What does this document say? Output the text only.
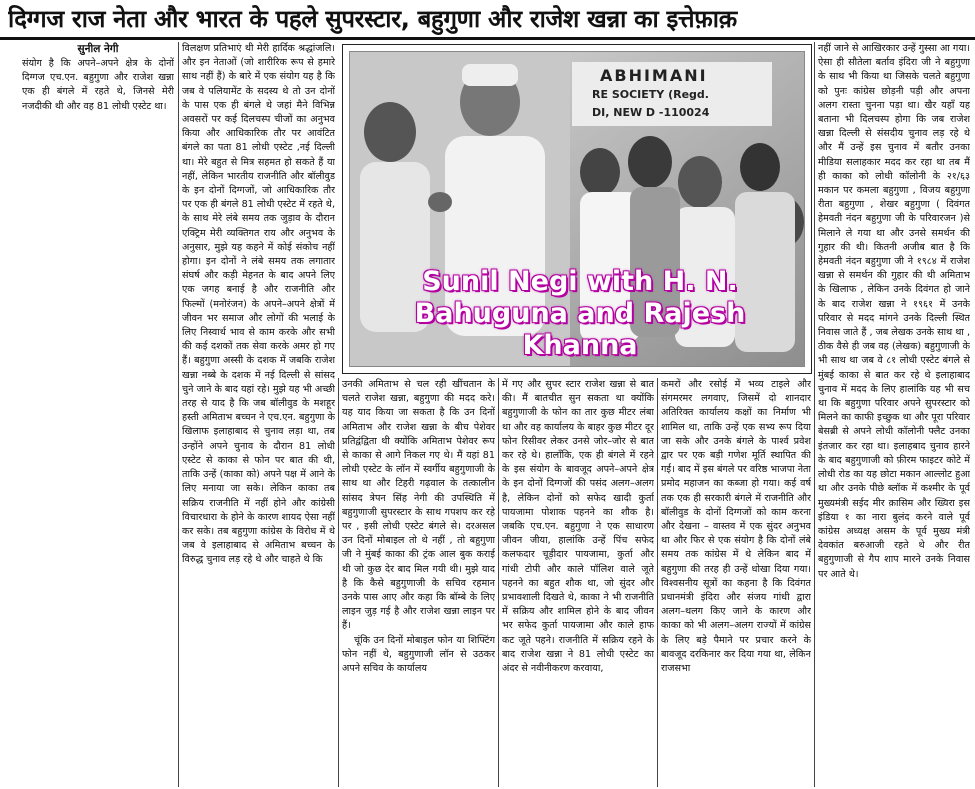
दिग्गज राज नेता और भारत के पहले सुपरस्टार, बहुगुणा और राजेश खन्ना का इत्तेफ़ाक़
सुनील नेगी

संयोग है कि अपने–अपने क्षेत्र के दोनों दिग्गज एच.एन. बहुगुणा और राजेश खन्ना एक ही बंगले में रहते थे, जिनसे मेरी नजदीकी थी और वह 81 लोधी एस्टेट था।

विलक्षण प्रतिभाएं थी मेरी हार्दिक श्रद्धांजलि। और इन नेताओं (जो शारीरिक रूप से हमारे साथ नहीं हैं) के बारे में एक संयोग यह है कि जब वे पलियामेंट के सदस्य थे तो उन दोनों के पास एक ही बंगले थे जहां मैने विभिन्न अवसरों पर कई दिलचस्प चीजों का अनुभव किया और आधिकारिक तौर पर आवंटित बंगले का पता 81 लोधी एस्टेट ,नई दिल्ली था। मेरे बहुत से मित्र सहमत हो सकते हैं या नहीं, लेकिन भारतीय राजनीति और बॉलीवुड के इन दोनों दिग्गजों, जो आधिकारिक तौर पर एक ही बंगले 81 लोधी एस्टेट में रहते थे, के साथ मेरे लंबे समय तक जुड़ाव के दौरान एक्ट्रिम मेरी व्यक्तिगत राय और अनुभव के अनुसार, मुझे यह कहने में कोई संकोच नहीं होगा। इन दोनों ने लंबे समय तक लगातार संघर्ष और कड़ी मेहनत के बाद अपने लिए एक जगह बनाई है और राजनीति और फिल्मों (मनोरंजन) के अपने–अपने क्षेत्रों में जीवन भर समाज और लोगों की भलाई के लिए निस्वार्थ भाव से काम करके और सभी की कई दशकों तक सेवा करके अमर हो गए हैं। बहुगुणा अस्सी के दशक में जबकि राजेश खन्ना नब्बे के दशक में नई दिल्ली से सांसद चुने जाने के बाद यहां रहे। मुझे यह भी अच्छी तरह से याद है कि जब बॉलीवुड के मशहूर हस्ती अमिताभ बच्चन ने एच.एन. बहुगुणा के खिलाफ इलाहाबाद से चुनाव लड़ा था, तब उन्होंने अपने चुनाव के दौरान 81 लोधी एस्टेट से काका से फोन पर बात की थी, ताकि उन्हें (काका को) अपने पक्ष में आने के लिए मनाया जा सके। लेकिन काका तब सक्रिय राजनीति में नहीं होने और कांग्रेसी विचारधारा के होने के कारण शायद ऐसा नहीं कर सके। तब बहुगुणा कांग्रेस के विरोध में थे जब वे इलाहाबाद से अमिताभ बच्चन के विरुद्ध चुनाव लड़ रहे थे और चाहते थे कि

ABHIMANI
RE SOCIETY (Regd.
DI, NEW D -110024
Sunil Negi with H. N. Bahuguna and Rajesh Khanna

उनकी अमिताभ से चल रही खींचतान के चलते राजेश खन्ना, बहुगुणा की मदद करे। यह याद किया जा सकता है कि उन दिनों अमिताभ और राजेश खन्ना के बीच पेशेवर प्रतिद्वंद्विता थी क्योंकि अमिताभ पेशेवर रूप से काका से आगे निकल गए थे। मैं यहां 81 लोधी एस्टेट के लॉन में स्वर्गीय बहुगुणाजी के साथ था और टिहरी गढ़वाल के तत्कालीन सांसद त्रेपन सिंह नेगी की उपस्थिति में बहुगुणाजी सुपरस्टार के साथ गपशप कर रहे पर , इसी लोधी एस्टेट बंगले से। दरअसल उन दिनों मोबाइल तो थे नहीं , तो बहुगुणा जी ने मुंबई काका की ट्रंक आल बुक कराई थी जो कुछ देर बाद मिल गयी थी। मुझे याद है कि कैसे बहुगुणाजी के सचिव रहमान उनके पास आए और कहा कि बॉम्बे के लिए लाइन जुड़ गई है और राजेश खन्ना लाइन पर हैं।

चूंकि उन दिनों मोबाइल फोन या शिफ्टिंग फोन नहीं थे, बहुगुणाजी लॉन से उठकर अपने सचिव के कार्यालय

में गए और सुपर स्टार राजेश खन्ना से बात की। मैं बातचीत सुन सकता था क्योंकि बहुगुणाजी के फोन का तार कुछ मीटर लंबा था और वह कार्यालय के बाहर कुछ मीटर दूर फोन रिसीवर लेकर उनसे जोर–जोर से बात कर रहे थे। हालाँकि, एक ही बंगले में रहने के इस संयोग के बावजूद अपने–अपने क्षेत्र के इन दोनों दिग्गजों की पसंद अलग–अलग है, लेकिन दोनों को सफेद खादी कुर्ता पायजामा पोशाक पहनने का शौक है। जबकि एच.एन. बहुगुणा ने एक साधारण जीवन जीया, हालांकि उन्हें पिंच सफेद कलफदार चूड़ीदार पायजामा, कुर्ता और गांधी टोपी और काले पॉलिश वाले जूते पहनने का बहुत शौक था, जो सुंदर और प्रभावशाली दिखते थे, काका ने भी राजनीति में सक्रिय और शामिल होने के बाद जीवन भर सफेद कुर्ता पायजामा और काले हाफ कट जूते पहने। राजनीति में सक्रिय रहने के बाद राजेश खन्ना ने 81 लोधी एस्टेट का अंदर से नवीनीकरण करवाया,

कमरों और रसोई में भव्य टाइले और संगमरमर लगवाए, जिसमें दो शानदार अतिरिक्त कार्यालय कक्षों का निर्माण भी शामिल था, ताकि उन्हें एक सभ्य रूप दिया जा सके और उनके बंगले के पार्श्व प्रवेश द्वार पर एक बड़ी गणेश मूर्ति स्थापित की गई। बाद में इस बंगले पर वरिष्ठ भाजपा नेता प्रमोद महाजन का कब्जा हो गया। कई वर्ष तक एक ही सरकारी बंगले में राजनीति और बॉलीवुड के दोनों दिग्गजों को काम करना और देखना – वास्तव में एक सुंदर अनुभव था और फिर से एक संयोग है कि दोनों लंबे समय तक कांग्रेस में थे लेकिन बाद में बहुगुणा की तरह ही उन्हें धोखा दिया गया। विश्वसनीय सूत्रों का कहना है कि दिवंगत प्रधानमंत्री इंदिरा और संजय गांधी द्वारा अलग–थलग किए जाने के कारण और काका को भी अलग–अलग राज्यों में कांग्रेस के लिए बड़े पैमाने पर प्रचार करने के बावजूद दरकिनार कर दिया गया था, लेकिन राजसभा

नहीं जाने से आखिरकार उन्हें गुस्सा आ गया। ऐसा ही सौतेला बर्ताव इंदिरा जी ने बहुगुणा के साथ भी किया था जिसके चलते बहुगुणा को पुनः कांग्रेस छोड़नी पड़ी और अपना अलग रास्ता चुनना पड़ा था। खैर यहाँ यह बताना भी दिलचस्प होगा कि जब राजेश खन्ना दिल्ली से संसदीय चुनाव लड़ रहे थे और मैं उन्हें इस चुनाव में बतौर उनका मीडिया सलाहकार मदद कर रहा था तब मैं ही काका को लोधी कॉलोनी के २१/६३ मकान पर कमला बहुगुणा , विजय बहुगुणा रीता बहुगुणा , शेखर बहुगुणा ( दिवंगत हेमवती नंदन बहुगुणा जी के परिवारजन )से मिलाने ले गया था और उनसे समर्थन की गुहार की थी। कितनी अजीब बात है कि हेमवती नंदन बहुगुणा जी ने १९८४ में राजेश खन्ना से समर्थन की गुहार की थी अमिताभ के खिलाफ , लेकिन उनके दिवंगत हो जाने के बाद राजेश खन्ना ने १९६१ में उनके परिवार से मदद मांगने उनके दिल्ली स्थित निवास जाते हैं , जब लेखक उनके साथ था , ठीक वैसे ही जब वह (लेखक) बहुगुणाजी के भी साथ था जब वे ८१ लोधी एस्टेट बंगले से मुंबई काका से बात कर रहे थे इलाहाबाद चुनाव में मदद के लिए हालांकि यह भी सच था कि बहुगुणा परिवार अपने सुपरस्टार को मिलने का काफी इच्छुक था और पूरा परिवार बेसब्री से अपने लोधी कॉलोनी फ्लैट उनका इंतजार कर रहा था। इलाहबाद चुनाव हारने के बाद बहुगुणाजी को फ़ीरम फाइटर कोटे में लोधी रोड का यह छोटा मकान आल्लोट हुआ था और उनके पीछे ब्लॉक में कश्मीर के पूर्व मुख्यमंत्री सईद मीर क़ासिम और ख्यिरा इस इंडिया १ का नारा बुलंद करने वाले पूर्व कांग्रेस अध्यक्ष असम के पूर्व मुख्य मंत्री देवकांत बरुआजी रहते थे और रीत बहुगुणाजी से गैप शाप मारने उनके निवास पर आते थे।
